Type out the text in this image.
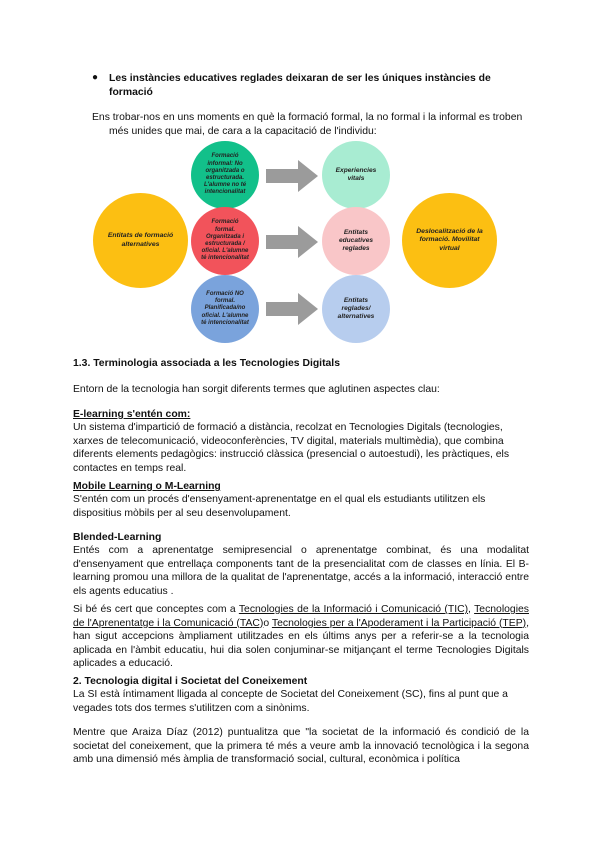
● Les instàncies educatives reglades deixaran de ser les úniques instàncies de formació

Ens trobar-nos en uns moments en què la formació formal, la no formal i la informal es troben més unides que mai, de cara a la capacitació de l'individu:

Entitats de formació alternatives
Deslocalització de la formació. Movilitat virtual
Formació informal: No organitzada o estructurada. L'alumne no té intencionalitat
Experiencies vitals
Formació formal. Organitzada i estructurada / oficial. L'alumne té intencionalitat
Entitats educatives reglades
Formació NO formal. Planificada/no oficial. L'alumne té intencionalitat
Entitats reglades/ alternatives

1.3. Terminologia associada a les Tecnologies Digitals

Entorn de la tecnologia han sorgit diferents termes que aglutinen aspectes clau:

E-learning s'entén com:

Un sistema d'impartició de formació a distància, recolzat en Tecnologies Digitals (tecnologies, xarxes de telecomunicació, videoconferències, TV digital, materials multimèdia), que combina diferents elements pedagògics: instrucció clàssica (presencial o autoestudi), les pràctiques, els contactes en temps real.

Mobile Learning o M-Learning

S'entén com un procés d'ensenyament-aprenentatge en el qual els estudiants utilitzen els dispositius mòbils per al seu desenvolupament.

Blended-Learning

Entés com a aprenentatge semipresencial o aprenentatge combinat, és una modalitat d'ensenyament que entrellaça components tant de la presencialitat com de classes en línia. El B-learning promou una millora de la qualitat de l'aprenentatge, accés a la informació, interacció entre els agents educatius .

Si bé és cert que conceptes com a Tecnologies de la Informació i Comunicació (TIC), Tecnologies de l'Aprenentatge i la Comunicació (TAC)o Tecnologies per a l'Apoderament i la Participació (TEP), han sigut accepcions àmpliament utilitzades en els últims anys per a referir-se a la tecnologia aplicada en l'àmbit educatiu, hui dia solen conjuminar-se mitjançant el terme Tecnologies Digitals aplicades a educació.

2. Tecnologia digital i Societat del Coneixement

La SI està íntimament lligada al concepte de Societat del Coneixement (SC), fins al punt que a vegades tots dos termes s'utilitzen com a sinònims.

Mentre que Araiza Díaz (2012) puntualitza que "la societat de la informació és condició de la societat del coneixement, que la primera té més a veure amb la innovació tecnològica i la segona amb una dimensió més àmplia de transformació social, cultural, econòmica i política
